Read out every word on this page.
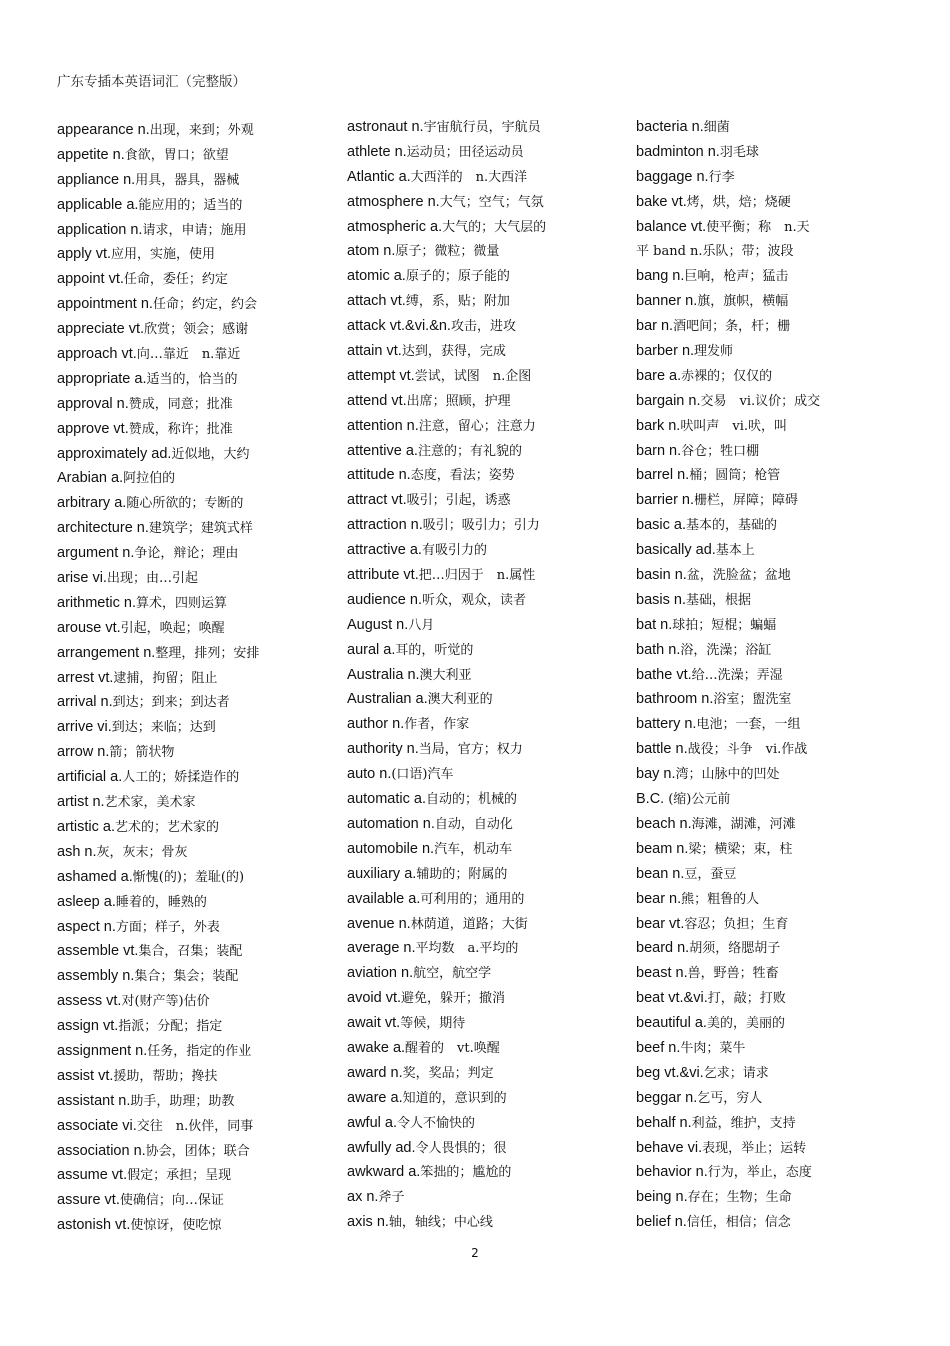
广东专插本英语词汇（完整版）
appearance n.出现，来到；外观
appetite n.食欲，胃口；欲望
appliance n.用具，器具，器械
applicable a.能应用的；适当的
application n.请求，申请；施用
apply vt.应用，实施，使用
appoint vt.任命，委任；约定
appointment n.任命；约定，约会
appreciate vt.欣赏；领会；感谢
approach vt.向…靠近　n.靠近
appropriate a.适当的，恰当的
approval n.赞成，同意；批准
approve vt.赞成，称许；批准
approximately ad.近似地，大约
Arabian a.阿拉伯的
arbitrary a.随心所欲的；专断的
architecture n.建筑学；建筑式样
argument n.争论，辩论；理由
arise vi.出现；由…引起
arithmetic n.算术，四则运算
arouse vt.引起，唤起；唤醒
arrangement n.整理，排列；安排
arrest vt.逮捕，拘留；阻止
arrival n.到达；到来；到达者
arrive vi.到达；来临；达到
arrow n.箭；箭状物
artificial a.人工的；娇揉造作的
artist n.艺术家，美术家
artistic a.艺术的；艺术家的
ash n.灰，灰末；骨灰
ashamed a.惭愧(的)；羞耻(的)
asleep a.睡着的，睡熟的
aspect n.方面；样子，外表
assemble vt.集合，召集；装配
assembly n.集合；集会；装配
assess vt.对(财产等)估价
assign vt.指派；分配；指定
assignment n.任务，指定的作业
assist vt.援助，帮助；搀扶
assistant n.助手，助理；助教
associate vi.交往　n.伙伴，同事
association n.协会，团体；联合
assume vt.假定；承担；呈现
assure vt.使确信；向…保证
astonish vt.使惊讶，使吃惊
astronaut n.宇宙航行员，宇航员
athlete n.运动员；田径运动员
Atlantic a.大西洋的　n.大西洋
atmosphere n.大气；空气；气氛
atmospheric a.大气的；大气层的
atom n.原子；微粒；微量
atomic a.原子的；原子能的
attach vt.缚，系，贴；附加
attack vt.&vi.&n.攻击，进攻
attain vt.达到，获得，完成
attempt vt.尝试，试图　n.企图
attend vt.出席；照顾，护理
attention n.注意，留心；注意力
attentive a.注意的；有礼貌的
attitude n.态度，看法；姿势
attract vt.吸引；引起，诱惑
attraction n.吸引；吸引力；引力
attractive a.有吸引力的
attribute vt.把…归因于　n.属性
audience n.听众，观众，读者
August n.八月
aural a.耳的，听觉的
Australia n.澳大利亚
Australian a.澳大利亚的
author n.作者，作家
authority n.当局，官方；权力
auto n.(口语)汽车
automatic a.自动的；机械的
automation n.自动，自动化
automobile n.汽车，机动车
auxiliary a.辅助的；附属的
available a.可利用的；通用的
avenue n.林荫道，道路；大街
average n.平均数　a.平均的
aviation n.航空，航空学
avoid vt.避免，躲开；撤消
await vt.等候，期待
awake a.醒着的　vt.唤醒
award n.奖，奖品；判定
aware a.知道的，意识到的
awful a.令人不愉快的
awfully ad.令人畏惧的；很
awkward a.笨拙的；尴尬的
ax n.斧子
axis n.轴，轴线；中心线
bacteria n.细菌
badminton n.羽毛球
baggage n.行李
bake vt.烤，烘，焙；烧硬
balance vt.使平衡；称　n.天
平 band n.乐队；带；波段
bang n.巨响，枪声；猛击
banner n.旗，旗帜，横幅
bar n.酒吧间；条，杆；栅
barber n.理发师
bare a.赤裸的；仅仅的
bargain n.交易　vi.议价；成交
bark n.吠叫声　vi.吠，叫
barn n.谷仓；牲口棚
barrel n.桶；圆筒；枪管
barrier n.栅栏，屏障；障碍
basic a.基本的，基础的
basically ad.基本上
basin n.盆，洗脸盆；盆地
basis n.基础，根据
bat n.球拍；短棍；蝙蝠
bath n.浴，洗澡；浴缸
bathe vt.给…洗澡；弄湿
bathroom n.浴室；盥洗室
battery n.电池；一套，一组
battle n.战役；斗争　vi.作战
bay n.湾；山脉中的凹处
B.C. (缩)公元前
beach n.海滩，湖滩，河滩
beam n.梁；横梁；束，柱
bean n.豆，蚕豆
bear n.熊；粗鲁的人
bear vt.容忍；负担；生育
beard n.胡须，络腮胡子
beast n.兽，野兽；牲畜
beat vt.&vi.打，敲；打败
beautiful a.美的，美丽的
beef n.牛肉；菜牛
beg vt.&vi.乞求；请求
beggar n.乞丐，穷人
behalf n.利益，维护，支持
behave vi.表现，举止；运转
behavior n.行为，举止，态度
being n.存在；生物；生命
belief n.信任，相信；信念
2
